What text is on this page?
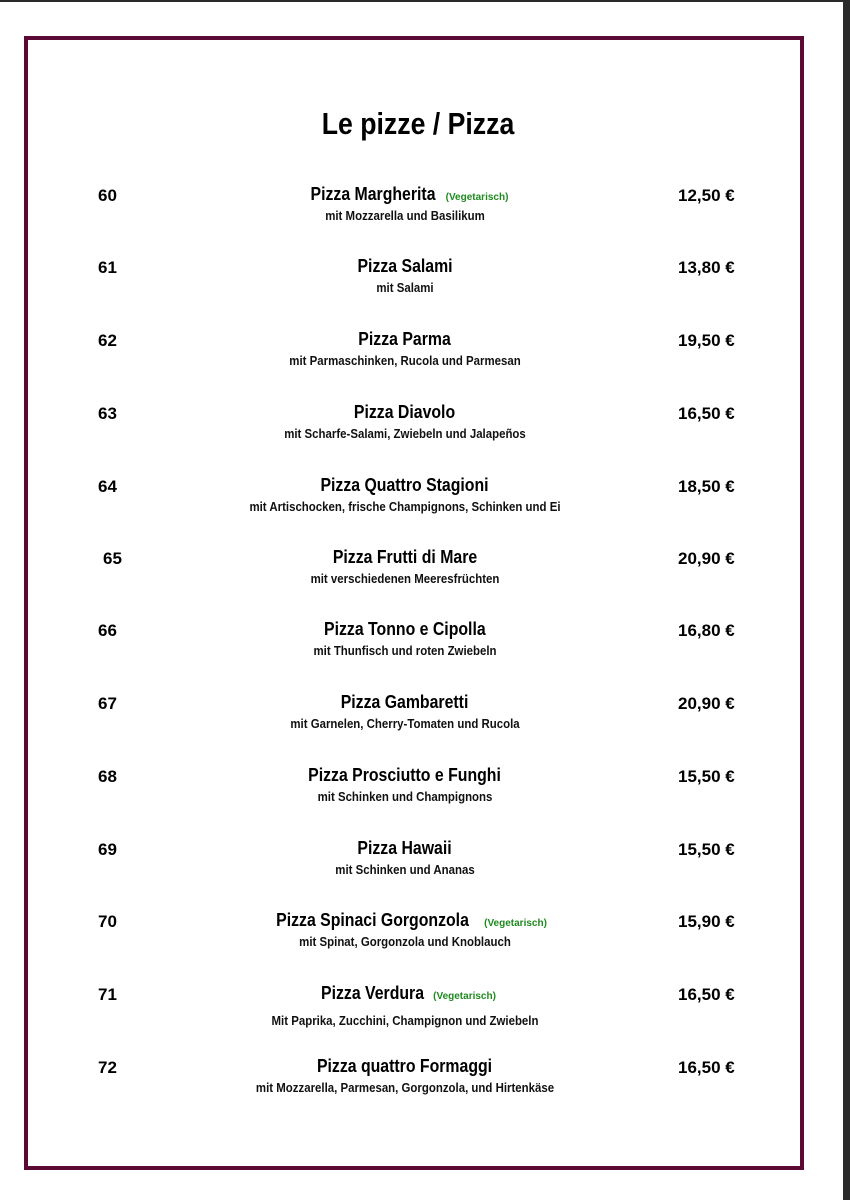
Le pizze / Pizza
60	Pizza Margherita (Vegetarisch)
mit Mozzarella und Basilikum
12,50 €
61	Pizza Salami
mit Salami
13,80 €
62	Pizza Parma
mit Parmaschinken, Rucola und Parmesan
19,50 €
63	Pizza Diavolo
mit Scharfe-Salami, Zwiebeln und Jalapeños
16,50 €
64	Pizza Quattro Stagioni
mit Artischocken, frische Champignons, Schinken und Ei
18,50 €
65	Pizza Frutti di Mare
mit verschiedenen Meeresfrüchten
20,90 €
66	Pizza Tonno e Cipolla
mit Thunfisch und roten Zwiebeln
16,80 €
67	Pizza Gambaretti
mit Garnelen, Cherry-Tomaten und Rucola
20,90 €
68	Pizza Prosciutto e Funghi
mit Schinken und Champignons
15,50 €
69	Pizza Hawaii
mit Schinken und Ananas
15,50 €
70	Pizza Spinaci Gorgonzola (Vegetarisch)
mit Spinat, Gorgonzola und Knoblauch
15,90 €
71	Pizza Verdura (Vegetarisch)
Mit Paprika, Zucchini, Champignon und Zwiebeln
16,50 €
72	Pizza quattro Formaggi
mit Mozzarella, Parmesan, Gorgonzola, und Hirtenkäse
16,50 €
